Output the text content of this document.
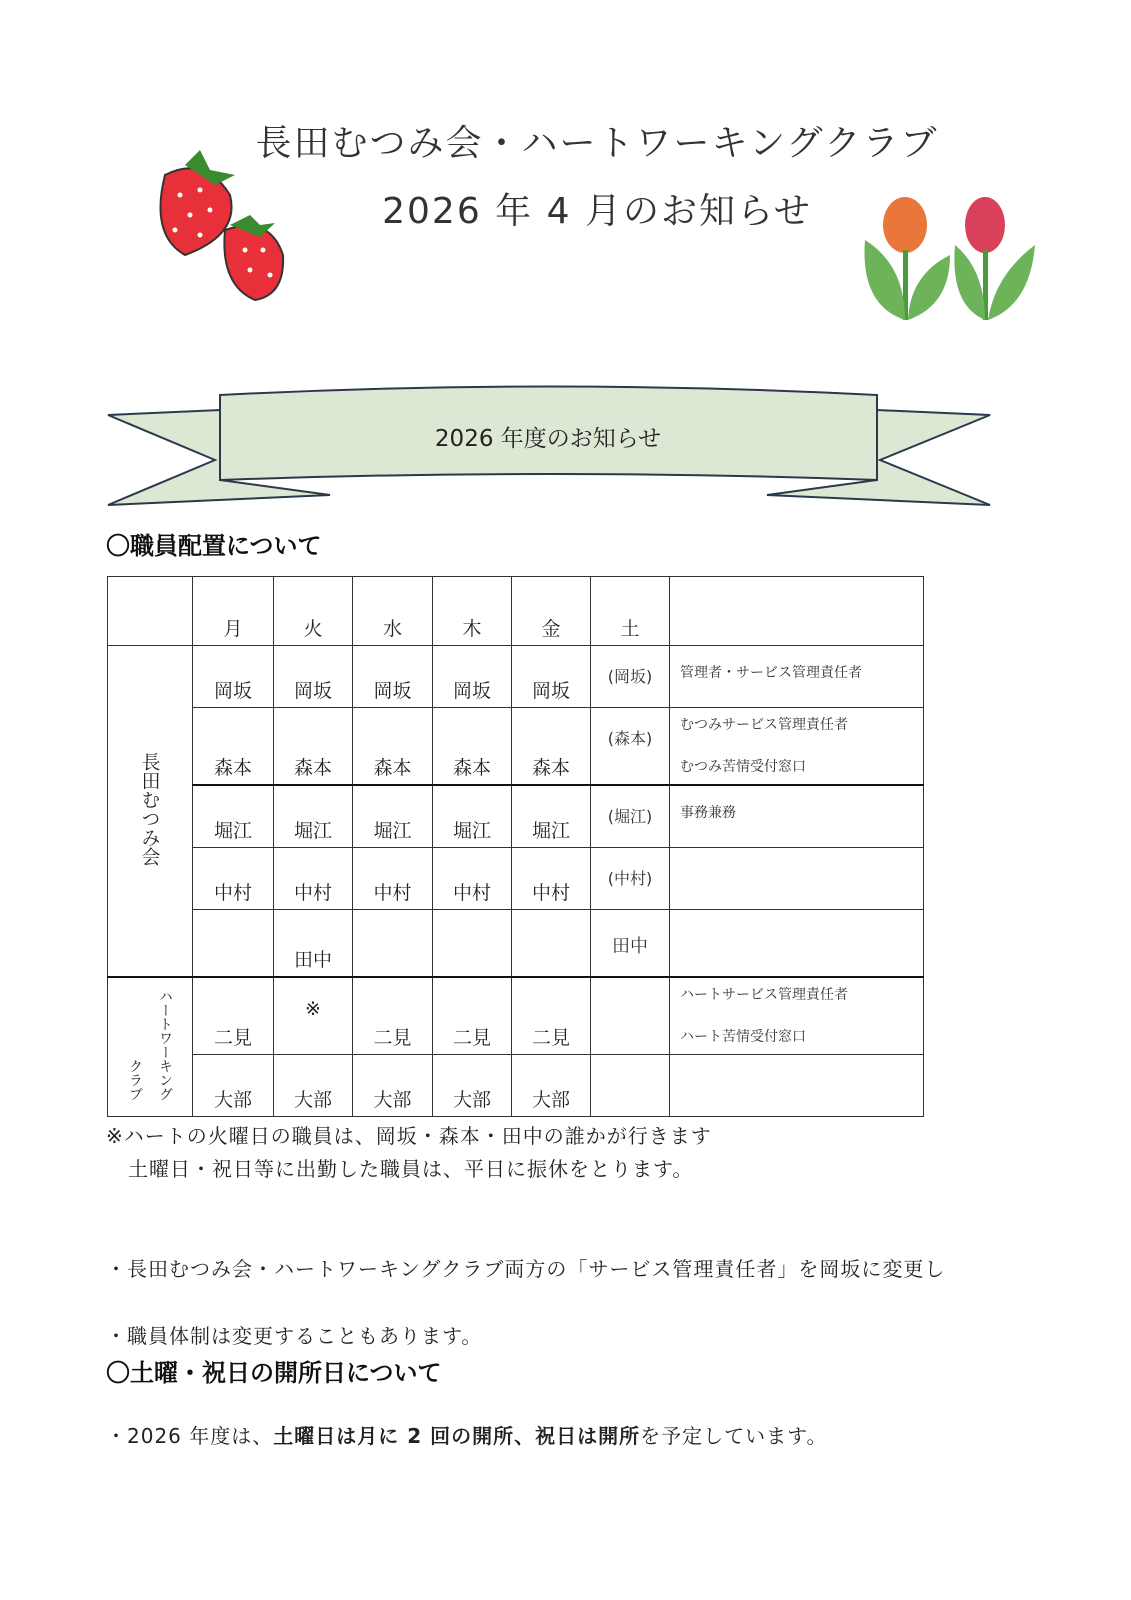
長田むつみ会・ハートワーキングクラブ
2026 年 4 月のお知らせ
2026 年度のお知らせ
〇職員配置について
	月	火	水	木	金	土	
長田むつみ会	岡坂	岡坂	岡坂	岡坂	岡坂	(岡坂)	管理者・サービス管理責任者

	森本	森本	森本	森本	森本	(森本)	むつみサービス管理責任者
むつみ苦情受付窓口

	堀江	堀江	堀江	堀江	堀江	(堀江)	事務兼務

	中村	中村	中村	中村	中村	(中村)	
		田中				田中	
クラブ ハートワーキング	二見	※	二見	二見	二見		ハートサービス管理責任者
ハート苦情受付窓口

	大部	大部	大部	大部	大部		
※ハートの火曜日の職員は、岡坂・森本・田中の誰かが行きます
土曜日・祝日等に出勤した職員は、平日に振休をとります。
・長田むつみ会・ハートワーキングクラブ両方の「サービス管理責任者」を岡坂に変更し
・職員体制は変更することもあります。
〇土曜・祝日の開所日について
・2026 年度は、土曜日は月に 2 回の開所、祝日は開所を予定しています。
